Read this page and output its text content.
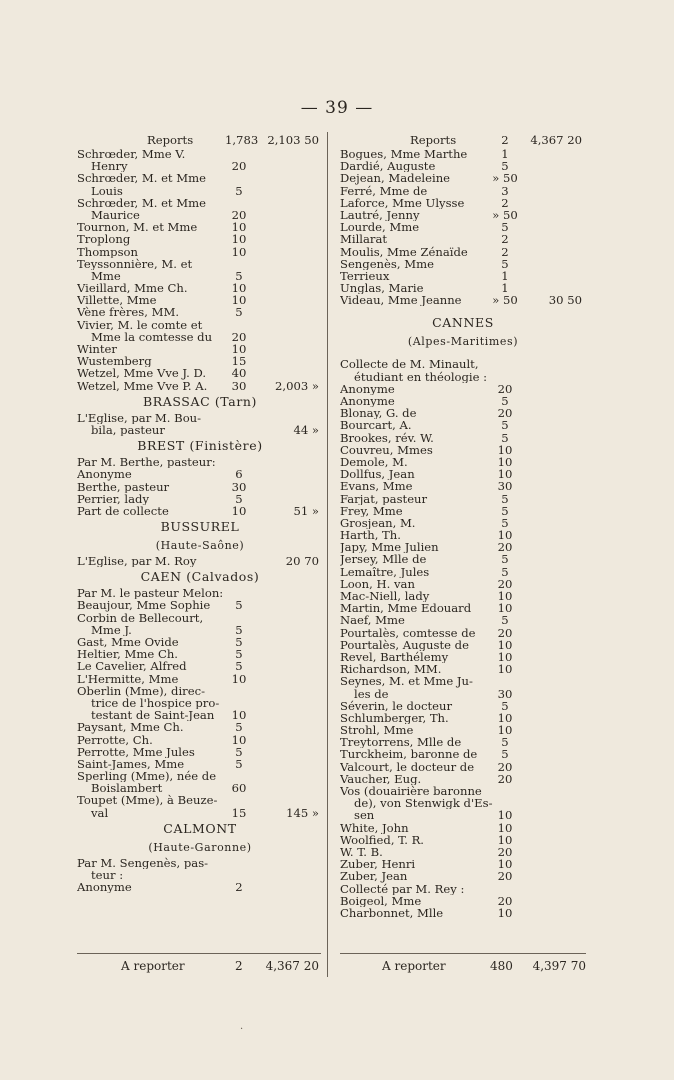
— 39 —
Reports	1,783 2,103 50
Schrœder, Mme V.
Henry	20
Schrœder, M. et Mme
Louis	5
Schrœder, M. et Mme
Maurice	20
Tournon, M. et Mme	10
Troplong	10
Thompson	10
Teyssonnière, M. et
Mme	5
Vieillard, Mme Ch.	10
Villette, Mme	10
Vène frères, MM.	5
Vivier, M. le comte et
Mme la comtesse du	20
Winter	10
Wustemberg	15
Wetzel, Mme Vve J. D.	40
Wetzel, Mme Vve P. A.	30	2,003 »
BRASSAC (Tarn)
L'Eglise, par M. Bou-
bila, pasteur	44 »
BREST (Finistère)
Par M. Berthe, pasteur:
Anonyme	6
Berthe, pasteur	30
Perrier, lady	5
Part de collecte	10	51 »
BUSSUREL
(Haute-Saône)
L'Eglise, par M. Roy	20 70
CAEN (Calvados)
Par M. le pasteur Melon:
Beaujour, Mme Sophie	5
Corbin de Bellecourt,
Mme J.	5
Gast, Mme Ovide	5
Heltier, Mme Ch.	5
Le Cavelier, Alfred	5
L'Hermitte, Mme	10
Oberlin (Mme), direc-
trice de l'hospice pro-
testant de Saint-Jean	10
Paysant, Mme Ch.	5
Perrotte, Ch.	10
Perrotte, Mme Jules	5
Saint-James, Mme	5
Sperling (Mme), née de
Boislambert	60
Toupet (Mme), à Beuze-
val	15	145 »
CALMONT
(Haute-Garonne)
Par M. Sengenès, pas-
teur :
Anonyme	2
Reports	2	4,367 20
Bogues, Mme Marthe	1
Dardié, Auguste	5
Dejean, Madeleine	» 50
Ferré, Mme de	3
Laforce, Mme Ulysse	2
Lautré, Jenny	» 50
Lourde, Mme	5
Millarat	2
Moulis, Mme Zénaïde	2
Sengenès, Mme	5
Terrieux	1
Unglas, Marie	1
Videau, Mme Jeanne	» 50	30 50
CANNES
(Alpes-Maritimes)
Collecte de M. Minault,
étudiant en théologie :
Anonyme	20
Anonyme	5
Blonay, G. de	20
Bourcart, A.	5
Brookes, rév. W.	5
Couvreu, Mmes	10
Demole, M.	10
Dollfus, Jean	10
Evans, Mme	30
Farjat, pasteur	5
Frey, Mme	5
Grosjean, M.	5
Harth, Th.	10
Japy, Mme Julien	20
Jersey, Mlle de	5
Lemaître, Jules	5
Loon, H. van	20
Mac-Niell, lady	10
Martin, Mme Edouard	10
Naef, Mme	5
Pourtalès, comtesse de	20
Pourtalès, Auguste de	10
Revel, Barthélemy	10
Richardson, MM.	10
Seynes, M. et Mme Ju-
les de	30
Séverin, le docteur	5
Schlumberger, Th.	10
Strohl, Mme	10
Treytorrens, Mlle de	5
Turckheim, baronne de	5
Valcourt, le docteur de	20
Vaucher, Eug.	20
Vos (douairière baronne
de), von Stenwigk d'Es-
sen	10
White, John	10
Woolfied, T. R.	10
W. T. B.	20
Zuber, Henri	10
Zuber, Jean	20
Collecté par M. Rey :
Boigeol, Mme	20
Charbonnet, Mlle	10
A reporter	2 4,367 20	A reporter	480 4,397 70
·
